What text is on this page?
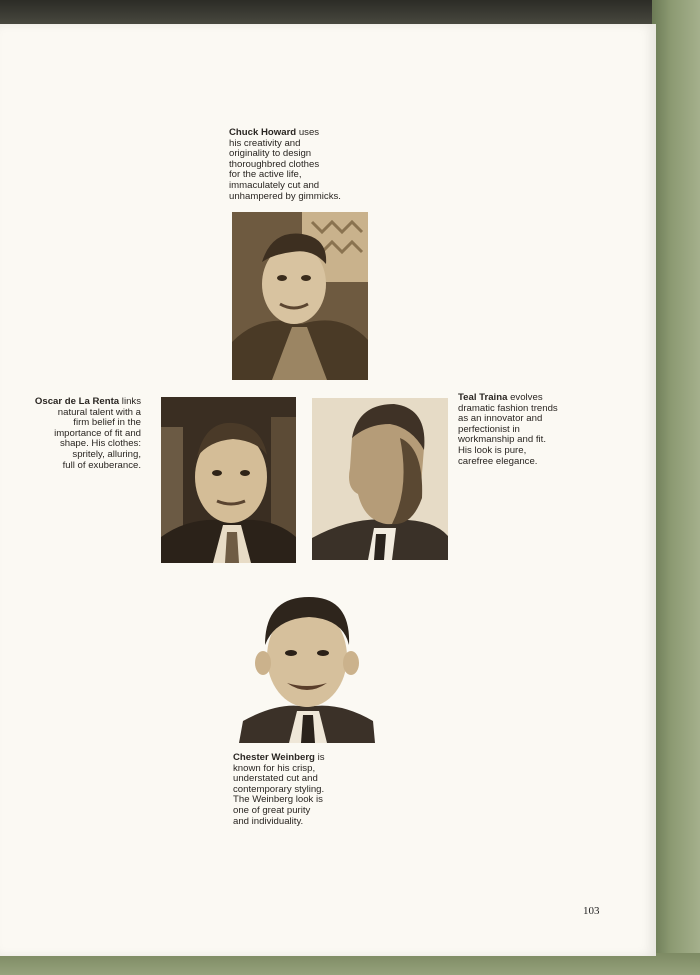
Chuck Howard uses
his creativity and
originality to design
thoroughbred clothes
for the active life,
immaculately cut and
unhampered by gimmicks.
Oscar de La Renta links
natural talent with a
firm belief in the
importance of fit and
shape. His clothes:
spritely, alluring,
full of exuberance.
Teal Traina evolves
dramatic fashion trends
as an innovator and
perfectionist in
workmanship and fit.
His look is pure,
carefree elegance.
Chester Weinberg is
known for his crisp,
understated cut and
contemporary styling.
The Weinberg look is
one of great purity
and individuality.
103
